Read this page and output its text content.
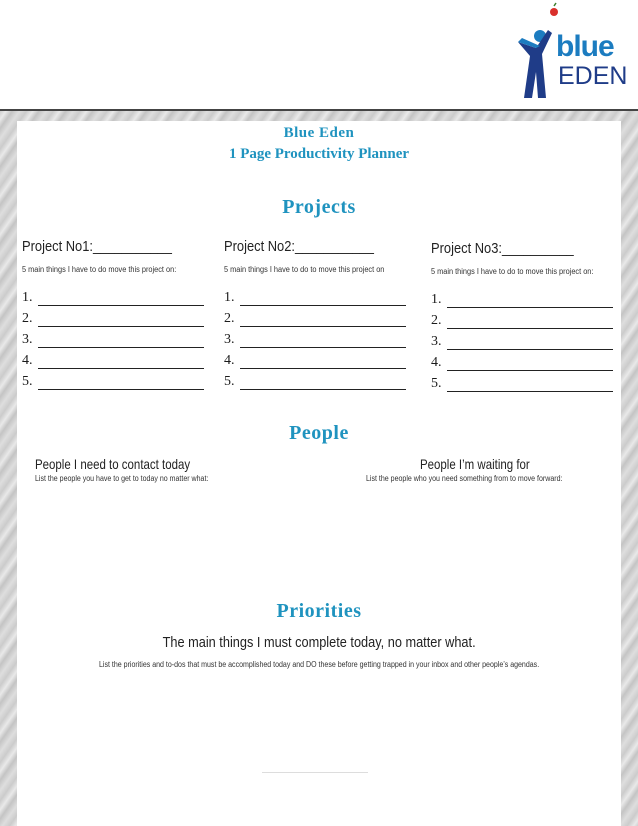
blue
EDEN
Blue Eden
1 Page Productivity Planner
Projects
Project No1:___________
5 main things I have to do move this project on:
1.
2.
3.
4.
5.
Project No2:___________
5 main things I have to do to move this project on
1.
2.
3.
4.
5.
Project No3:__________
5 main things I have to do to move this project on:
1.
2.
3.
4.
5.
People
People I need to contact today
List the people you have to get to today no matter what:
People I’m waiting for
List the people who you need something from to move forward:
Priorities
The main things I must complete today, no matter what.
List the priorities and to-dos that must be accomplished today and DO these before getting trapped in your inbox and other people’s agendas.
